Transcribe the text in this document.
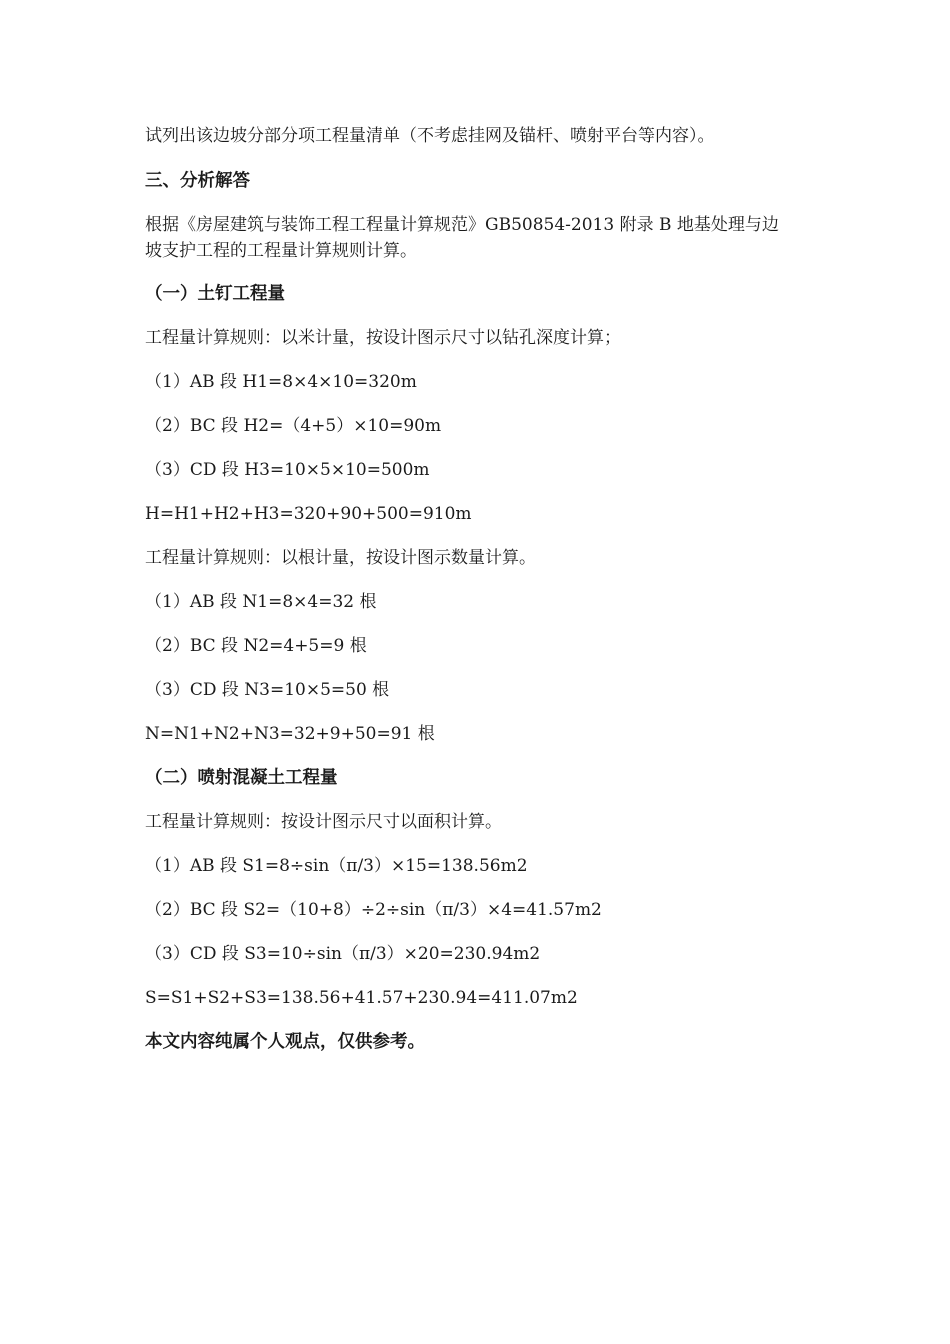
试列出该边坡分部分项工程量清单（不考虑挂网及锚杆、喷射平台等内容）。
三、分析解答
根据《房屋建筑与装饰工程工程量计算规范》GB50854-2013 附录 B 地基处理与边
坡支护工程的工程量计算规则计算。
（一）土钉工程量
工程量计算规则：以米计量，按设计图示尺寸以钻孔深度计算；
（1）AB 段 H1=8×4×10=320m
（2）BC 段 H2=（4+5）×10=90m
（3）CD 段 H3=10×5×10=500m
H=H1+H2+H3=320+90+500=910m
工程量计算规则：以根计量，按设计图示数量计算。
（1）AB 段 N1=8×4=32 根
（2）BC 段 N2=4+5=9 根
（3）CD 段 N3=10×5=50 根
N=N1+N2+N3=32+9+50=91 根
（二）喷射混凝土工程量
工程量计算规则：按设计图示尺寸以面积计算。
（1）AB 段 S1=8÷sin（π/3）×15=138.56m2
（2）BC 段 S2=（10+8）÷2÷sin（π/3）×4=41.57m2
（3）CD 段 S3=10÷sin（π/3）×20=230.94m2
S=S1+S2+S3=138.56+41.57+230.94=411.07m2
本文内容纯属个人观点，仅供参考。
